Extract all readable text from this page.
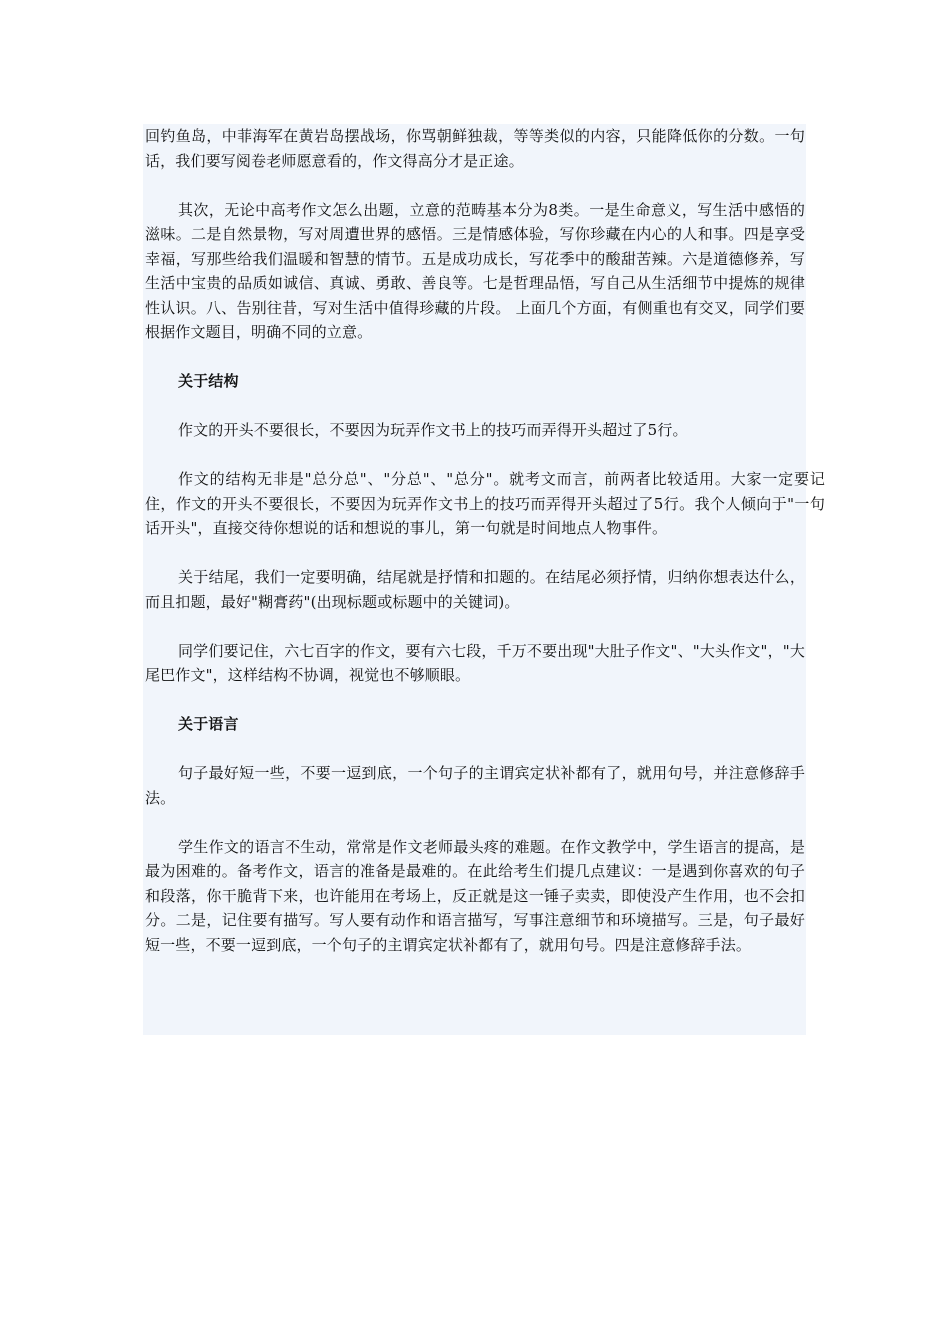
回钓鱼岛，中菲海军在黄岩岛摆战场，你骂朝鲜独裁，等等类似的内容，只能降低你的分数。一句话，我们要写阅卷老师愿意看的，作文得高分才是正途。

其次，无论中高考作文怎么出题，立意的范畴基本分为8类。一是生命意义，写生活中感悟的滋味。二是自然景物，写对周遭世界的感悟。三是情感体验，写你珍藏在内心的人和事。四是享受幸福，写那些给我们温暖和智慧的情节。五是成功成长，写花季中的酸甜苦辣。六是道德修养，写生活中宝贵的品质如诚信、真诚、勇敢、善良等。七是哲理品悟，写自己从生活细节中提炼的规律性认识。八、告别往昔，写对生活中值得珍藏的片段。 上面几个方面，有侧重也有交叉，同学们要根据作文题目，明确不同的立意。

关于结构

作文的开头不要很长，不要因为玩弄作文书上的技巧而弄得开头超过了5行。

作文的结构无非是"总分总"、"分总"、"总分"。就考文而言，前两者比较适用。大家一定要记住，作文的开头不要很长，不要因为玩弄作文书上的技巧而弄得开头超过了5行。我个人倾向于"一句话开头"，直接交待你想说的话和想说的事儿，第一句就是时间地点人物事件。

关于结尾，我们一定要明确，结尾就是抒情和扣题的。在结尾必须抒情，归纳你想表达什么，而且扣题，最好"糊膏药"(出现标题或标题中的关键词)。

同学们要记住，六七百字的作文，要有六七段，千万不要出现"大肚子作文"、"大头作文"，"大尾巴作文"，这样结构不协调，视觉也不够顺眼。

关于语言

句子最好短一些，不要一逗到底，一个句子的主谓宾定状补都有了，就用句号，并注意修辞手法。

学生作文的语言不生动，常常是作文老师最头疼的难题。在作文教学中，学生语言的提高，是最为困难的。备考作文，语言的准备是最难的。在此给考生们提几点建议：一是遇到你喜欢的句子和段落，你干脆背下来，也许能用在考场上，反正就是这一锤子卖卖，即使没产生作用，也不会扣分。二是，记住要有描写。写人要有动作和语言描写，写事注意细节和环境描写。三是，句子最好短一些，不要一逗到底，一个句子的主谓宾定状补都有了，就用句号。四是注意修辞手法。
